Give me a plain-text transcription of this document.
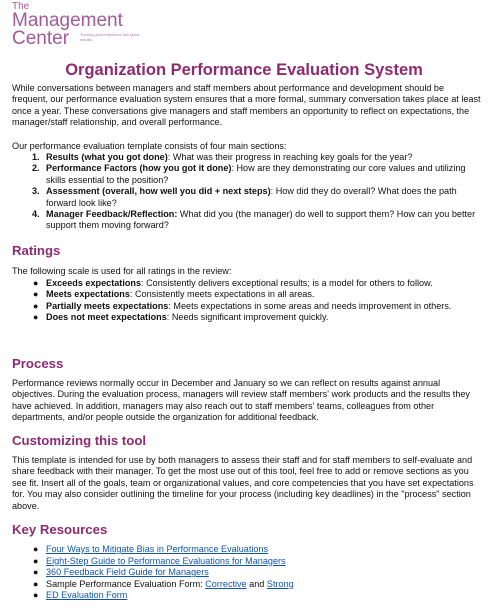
The
Management
Center	Turning good intentions into great results
Organization Performance Evaluation System

While conversations between managers and staff members about performance and development should be frequent, our performance evaluation system ensures that a more formal, summary conversation takes place at least once a year. These conversations give managers and staff members an opportunity to reflect on expectations, the manager/staff relationship, and overall performance.

Our performance evaluation template consists of four main sections:

1. Results (what you got done): What was their progress in reaching key goals for the year?
2. Performance Factors (how you got it done): How are they demonstrating our core values and utilizing skills essential to the position?
3. Assessment (overall, how well you did + next steps): How did they do overall? What does the path forward look like?
4. Manager Feedback/Reflection: What did you (the manager) do well to support them? How can you better support them moving forward?
Ratings

The following scale is used for all ratings in the review:

● Exceeds expectations: Consistently delivers exceptional results; is a model for others to follow.
● Meets expectations: Consistently meets expectations in all areas.
● Partially meets expectations: Meets expectations in some areas and needs improvement in others.
● Does not meet expectations: Needs significant improvement quickly.
Process

Performance reviews normally occur in December and January so we can reflect on results against annual objectives. During the evaluation process, managers will review staff members' work products and the results they have achieved. In addition, managers may also reach out to staff members' teams, colleagues from other departments, and/or people outside the organization for additional feedback.

Customizing this tool

This template is intended for use by both managers to assess their staff and for staff members to self-evaluate and share feedback with their manager. To get the most use out of this tool, feel free to add or remove sections as you see fit. Insert all of the goals, team or organizational values, and core competencies that you have set expectations for. You may also consider outlining the timeline for your process (including key deadlines) in the "process" section above.

Key Resources
● Four Ways to Mitigate Bias in Performance Evaluations
● Eight-Step Guide to Performance Evaluations for Managers
● 360 Feedback Field Guide for Managers
● Sample Performance Evaluation Form: Corrective and Strong
● ED Evaluation Form
